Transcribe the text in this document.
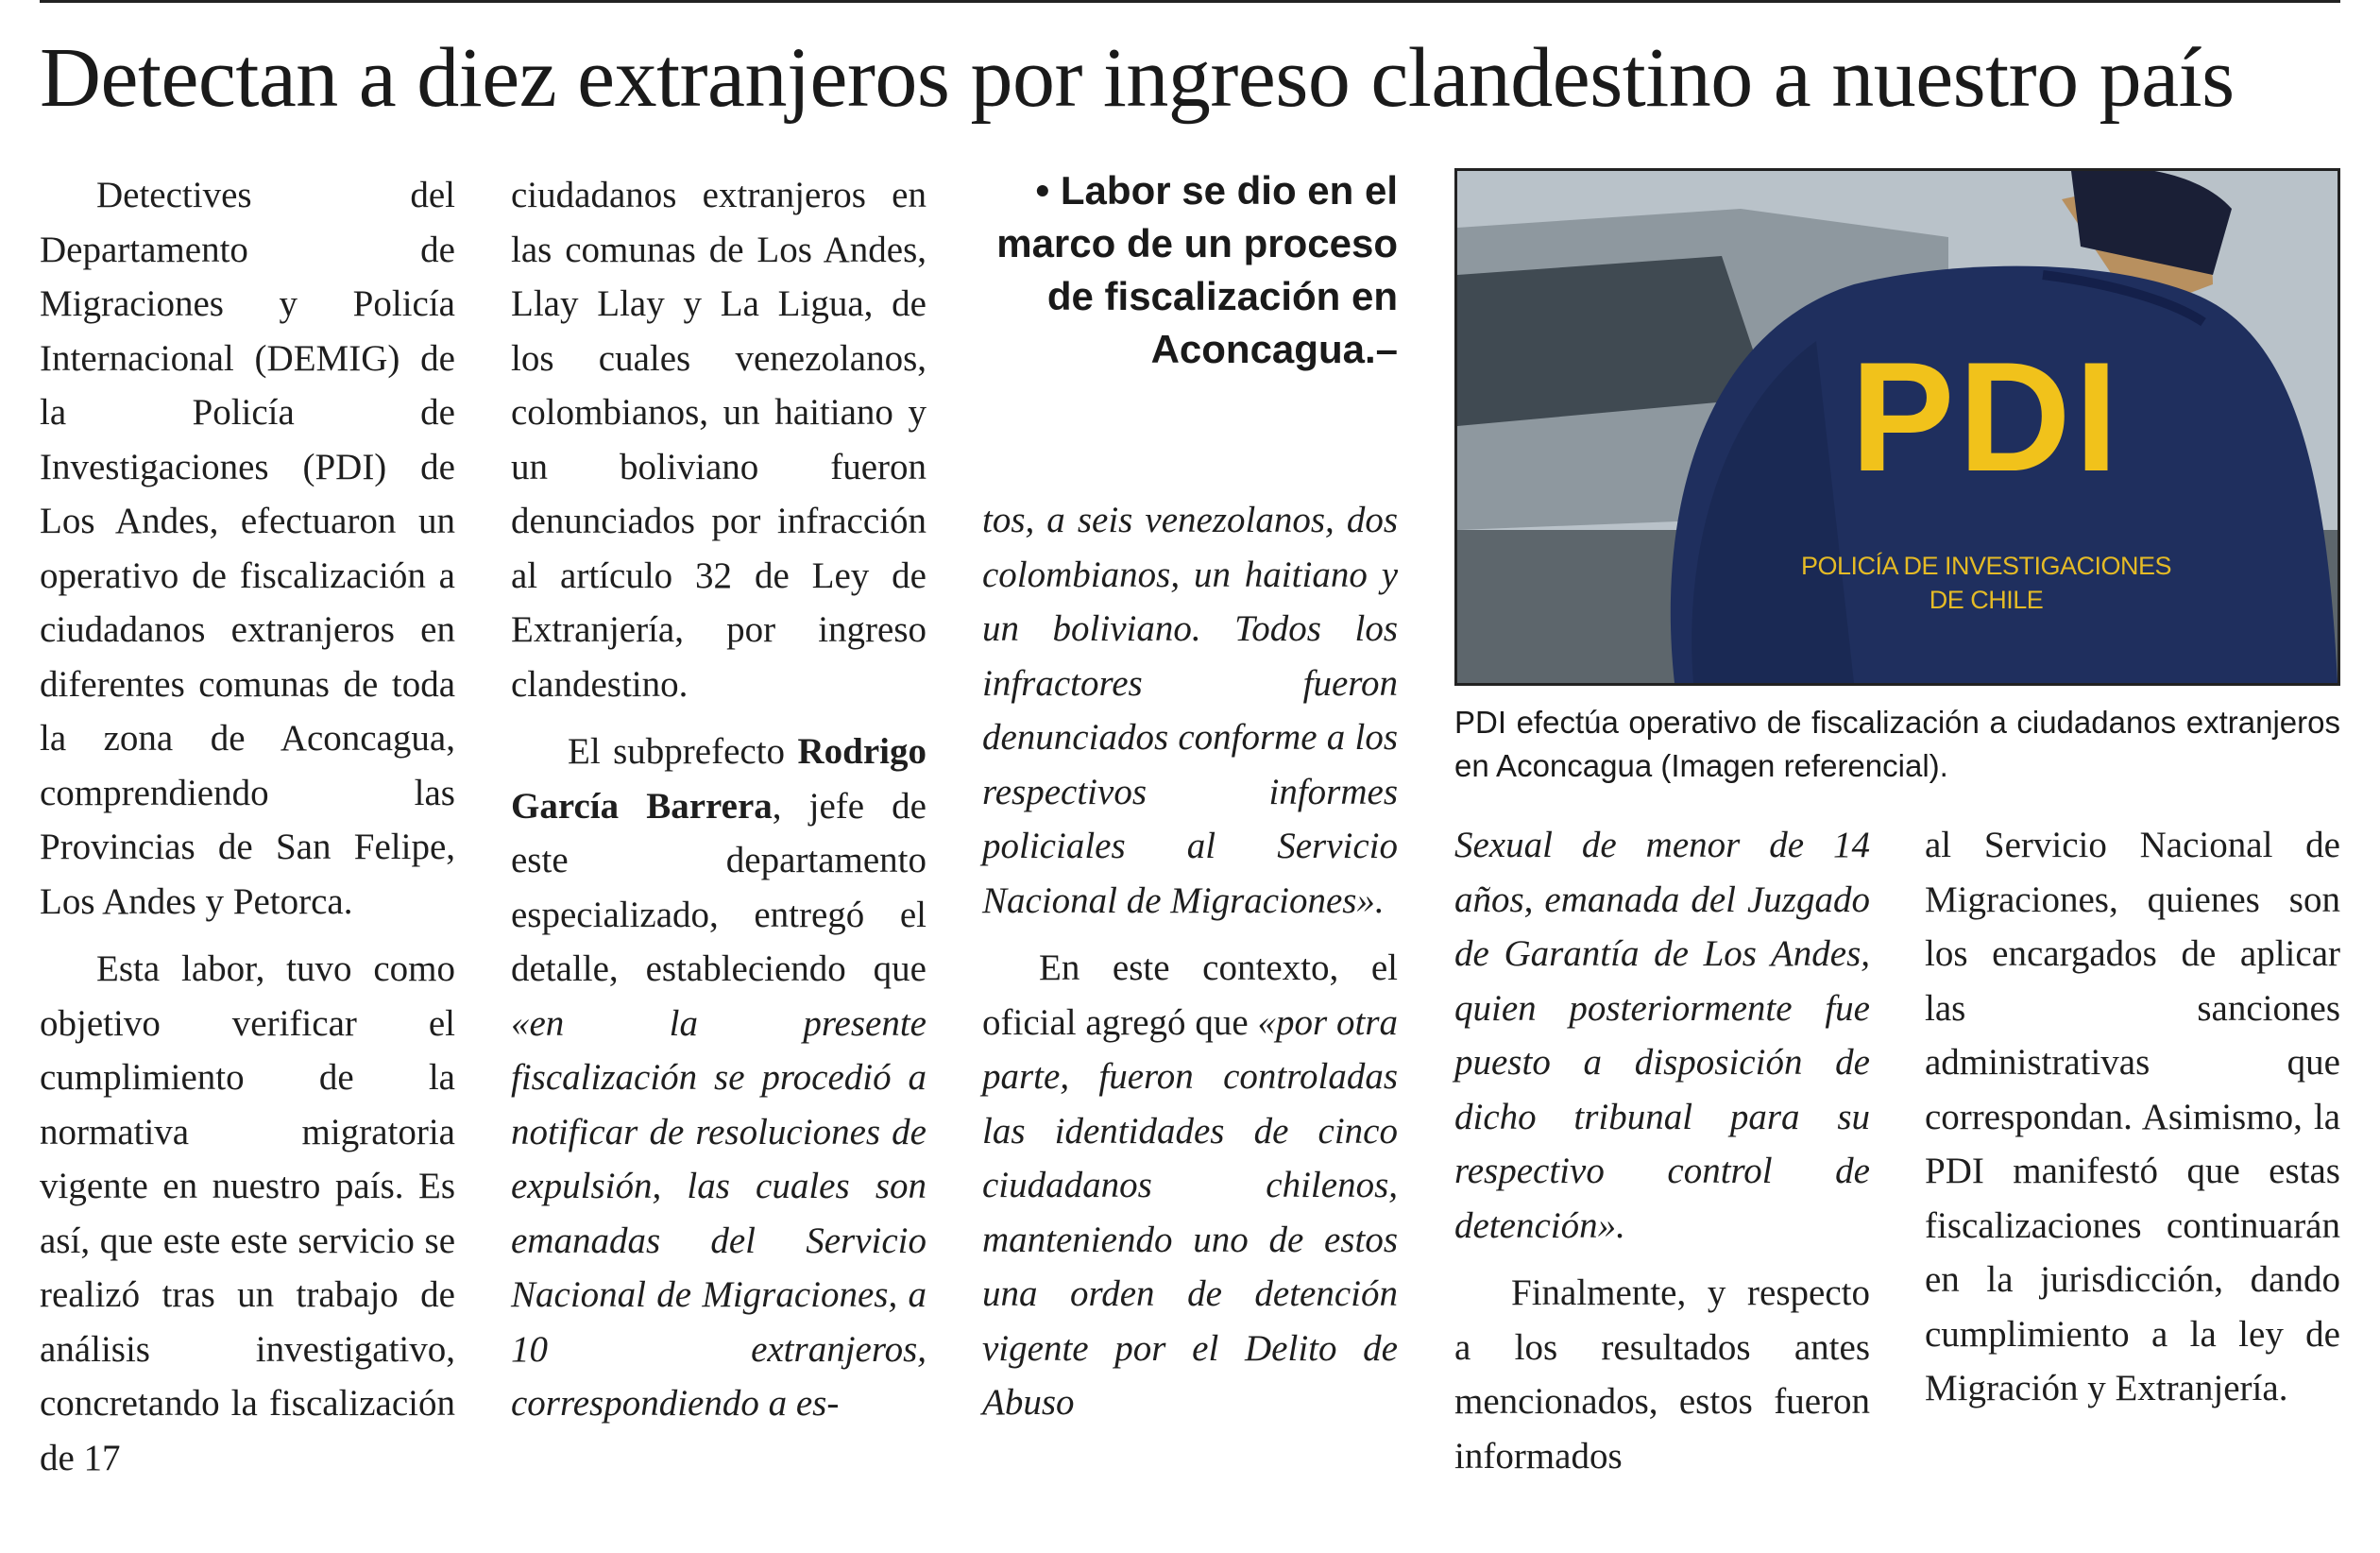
Detectan a diez extranjeros por ingreso clandestino a nuestro país

Detectives del Departamento de Migraciones y Policía Internacional (DEMIG) de la Policía de Investigaciones (PDI) de Los Andes, efectuaron un operativo de fiscalización a ciudadanos extranjeros en diferentes comunas de toda la zona de Aconcagua, comprendiendo las Provincias de San Felipe, Los Andes y Petorca.

Esta labor, tuvo como objetivo verificar el cumplimiento de la normativa migratoria vigente en nuestro país. Es así, que este este servicio se realizó tras un trabajo de análisis investigativo, concretando la fiscalización de 17

ciudadanos extranjeros en las comunas de Los Andes, Llay Llay y La Ligua, de los cuales venezolanos, colombianos, un haitiano y un boliviano fueron denunciados por infracción al artículo 32 de Ley de Extranjería, por ingreso clandestino.

El subprefecto Rodrigo García Barrera, jefe de este departamento especializado, entregó el detalle, estableciendo que «en la presente fiscalización se procedió a notificar de resoluciones de expulsión, las cuales son emanadas del Servicio Nacional de Migraciones, a 10 extranjeros, correspondiendo a es-

• Labor se dio en el marco de un proceso de fiscalización en Aconcagua.–

tos, a seis venezolanos, dos colombianos, un haitiano y un boliviano. Todos los infractores fueron denunciados conforme a los respectivos informes policiales al Servicio Nacional de Migraciones».

En este contexto, el oficial agregó que «por otra parte, fueron controladas las identidades de cinco ciudadanos chilenos, manteniendo uno de estos una orden de detención vigente por el Delito de Abuso

PDI
POLICÍA DE INVESTIGACIONES
DE CHILE
PDI efectúa operativo de fiscalización a ciudadanos extranjeros en Aconcagua (Imagen referencial).

Sexual de menor de 14 años, emanada del Juzgado de Garantía de Los Andes, quien posteriormente fue puesto a disposición de dicho tribunal para su respectivo control de detención».

Finalmente, y respecto a los resultados antes mencionados, estos fueron informados

al Servicio Nacional de Migraciones, quienes son los encargados de aplicar las sanciones administrativas que correspondan. Asimismo, la PDI manifestó que estas fiscalizaciones continuarán en la jurisdicción, dando cumplimiento a la ley de Migración y Extranjería.
